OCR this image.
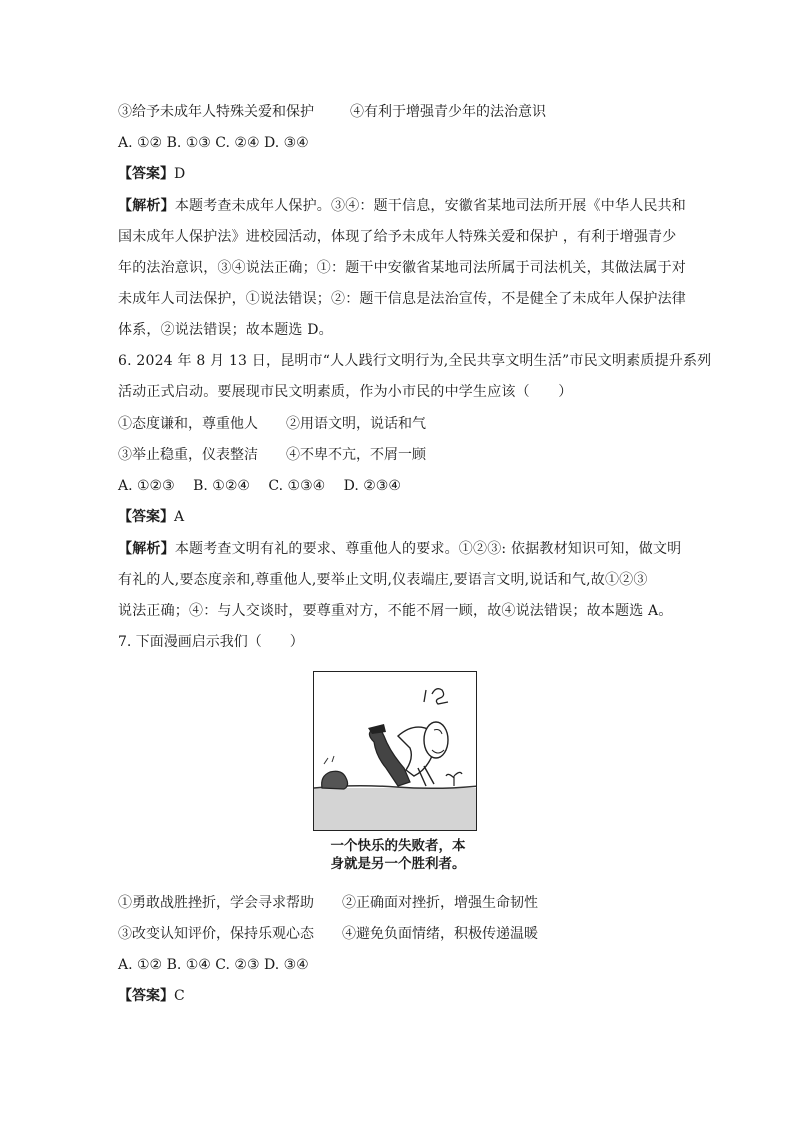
③给予未成年人特殊关爱和保护	④有利于增强青少年的法治意识
A. ①② B. ①③ C. ②④ D. ③④
【答案】D
【解析】本题考查未成年人保护。③④：题干信息，安徽省某地司法所开展《中华人民共和
国未成年人保护法》进校园活动，体现了给予未成年人特殊关爱和保护 ，有利于增强青少
年的法治意识，③④说法正确；①：题干中安徽省某地司法所属于司法机关，其做法属于对
未成年人司法保护，①说法错误；②：题干信息是法治宣传，不是健全了未成年人保护法律
体系，②说法错误；故本题选 D。
6. 2024 年 8 月 13 日，昆明市“人人践行文明行为,全民共享文明生活”市民文明素质提升系列
活动正式启动。要展现市民文明素质，作为小市民的中学生应该（　　）
①态度谦和，尊重他人 ②用语文明，说话和气
③举止稳重，仪表整洁 ④不卑不亢，不屑一顾
A. ①②③　 B. ①②④　 C. ①③④　 D. ②③④
【答案】A
【解析】本题考查文明有礼的要求、尊重他人的要求。①②③: 依据教材知识可知，做文明
有礼的人,要态度亲和,尊重他人,要举止文明,仪表端庄,要语言文明,说话和气,故①②③
说法正确；④：与人交谈时，要尊重对方，不能不屑一顾，故④说法错误；故本题选 A。
7. 下面漫画启示我们（　　）
一个快乐的失败者，本
身就是另一个胜利者。
①勇敢战胜挫折，学会寻求帮助 ②正确面对挫折，增强生命韧性
③改变认知评价，保持乐观心态 ④避免负面情绪，积极传递温暖
A. ①② B. ①④ C. ②③ D. ③④
【答案】C
